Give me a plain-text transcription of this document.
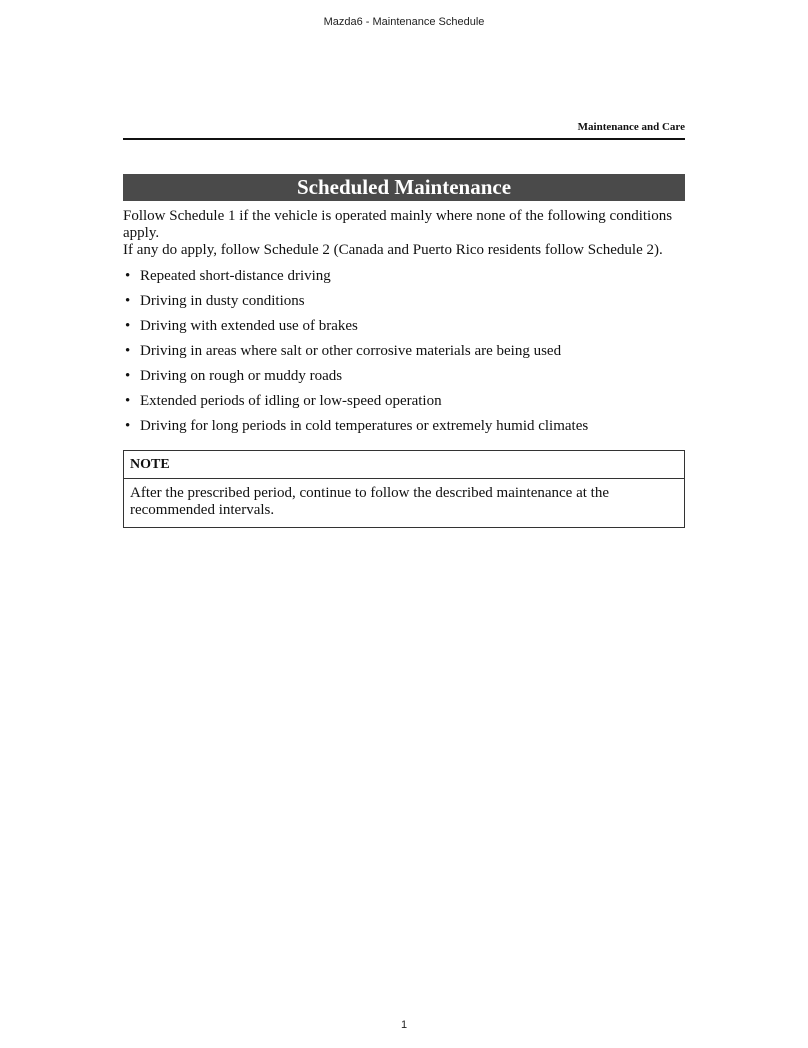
Mazda6 - Maintenance Schedule
Maintenance and Care
Scheduled Maintenance

Follow Schedule 1 if the vehicle is operated mainly where none of the following conditions apply.

If any do apply, follow Schedule 2 (Canada and Puerto Rico residents follow Schedule 2).

• Repeated short-distance driving
• Driving in dusty conditions
• Driving with extended use of brakes
• Driving in areas where salt or other corrosive materials are being used
• Driving on rough or muddy roads
• Extended periods of idling or low-speed operation
• Driving for long periods in cold temperatures or extremely humid climates
NOTE
After the prescribed period, continue to follow the described maintenance at the recommended intervals.
1
